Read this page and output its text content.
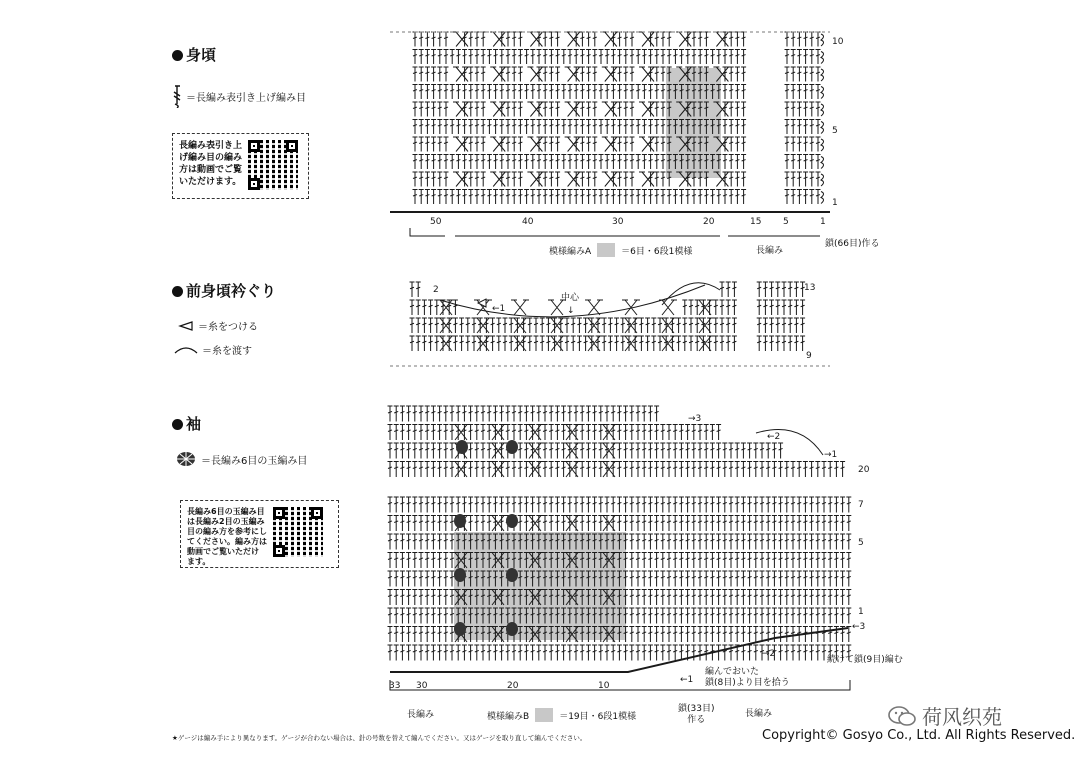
身頃
＝長編み表引き上げ編み目
長編み表引き上
げ編み目の編み
方は動画でご覧
いただけます。
前身頃衿ぐり
＝糸をつける
＝糸を渡す
袖
＝長編み6目の玉編み目
長編み6目の玉編み目
は長編み2目の玉編み
目の編み方を参考にし
てください。編み方は
動画でご覧いただけ
ます。
50	40	30	20	15 5	1
10
5
1
2
←1	↓
13
9
33 30	20	10
20
7
5
1
→3
←2
→1
←3
→2
←1
模様編みA	＝6目・6段1模様	長編み
鎖(66目)作る
中心
長編み	模様編みB	＝19目・6段1模様
鎖(33目)
作る
長編み
続けて鎖(9目)編む
編んでおいた
鎖(8目)より目を拾う
★ゲージは編み手により異なります。ゲージが合わない場合は、針の号数を替えて編んでください。又はゲージを取り直して編んでください。	Copyright© Gosyo Co., Ltd. All Rights Reserved.
荷风织苑
